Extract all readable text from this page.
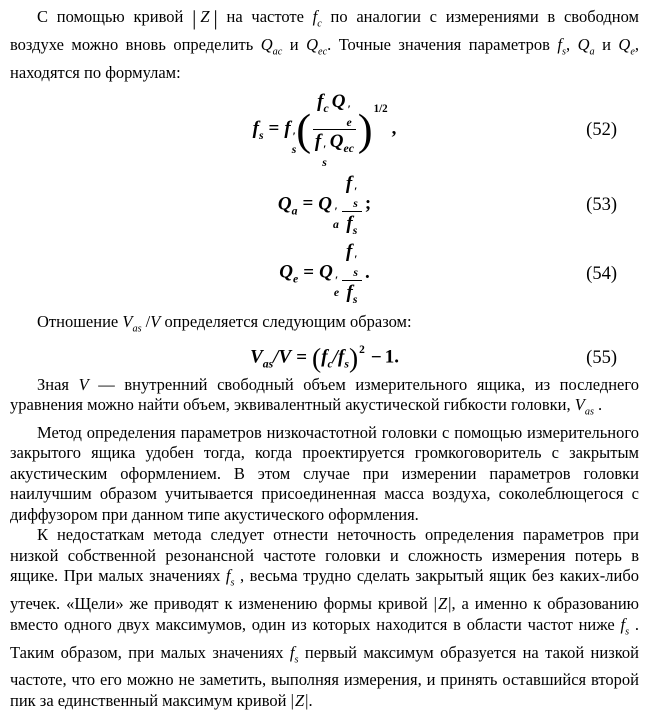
С помощью кривой | Z | на частоте $f_c$ по аналогии с измерениями в свободном воздухе можно вновь определить $Q_{ac}$ и $Q_{ec}$. Точные значения параметров $f_s$, $Q_a$ и $Q_e$, находятся по формулам:

$f_s = f$ ′
s ( $f_c$ Q ′
e
f ′
s
$Q_{ec}$ )$^{1/2}$,	(52)
$Q_a = Q$ ′
a f ′
s
$f_s$ ;	(53)
$Q_e = Q$ ′
e f ′
s
$f_s$ .	(54)

Отношение $V_{as}$ /V определяется следующим образом:

$V_{as}/V = (f_c/f_s)^2 - 1$.	(55)

Зная V — внутренний свободный объем измерительного ящика, из последнего уравнения можно найти объем, эквивалентный акустической гибкости головки, $V_{as}$ .

Метод определения параметров низкочастотной головки с помощью измерительного закрытого ящика удобен тогда, когда проектируется громкоговоритель с закрытым акустическим оформлением. В этом случае при измерении параметров головки наилучшим образом учитывается присоединенная масса воздуха, соколеблющегося с диффузором при данном типе акустического оформления.

К недостаткам метода следует отнести неточность определения параметров при низкой собственной резонансной частоте головки и сложность измерения потерь в ящике. При малых значениях $f_s$ , весьма трудно сделать закрытый ящик без каких-либо утечек. «Щели» же приводят к изменению формы кривой |Z|, а именно к образованию вместо одного двух максимумов, один из которых находится в области частот ниже $f_s$ . Таким образом, при малых значениях $f_s$ первый максимум образуется на такой низкой частоте, что его можно не заметить, выполняя измерения, и принять оставшийся второй пик за единственный максимум кривой |Z|.
